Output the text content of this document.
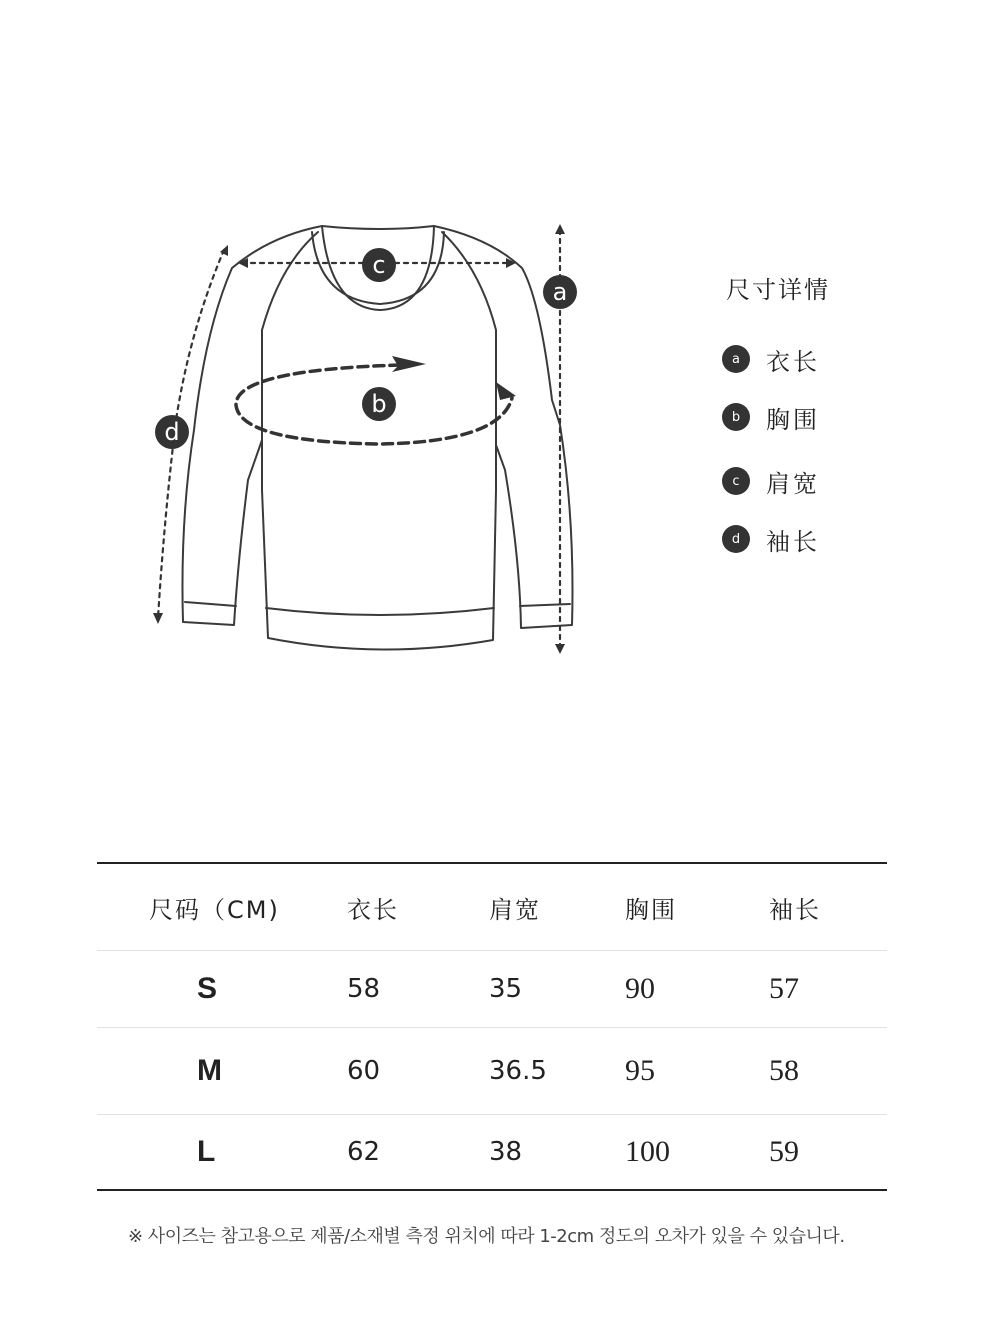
c
a
b
d
尺寸详情
a	衣长
b	胸围
c	肩宽
d	袖长
尺码（CM)	衣长	肩宽	胸围	袖长
S	58	35	90	57
M	60	36.5	95	58
L	62	38	100	59
※ 사이즈는 참고용으로 제품/소재별 측정 위치에 따라 1-2cm 정도의 오차가 있을 수 있습니다.
